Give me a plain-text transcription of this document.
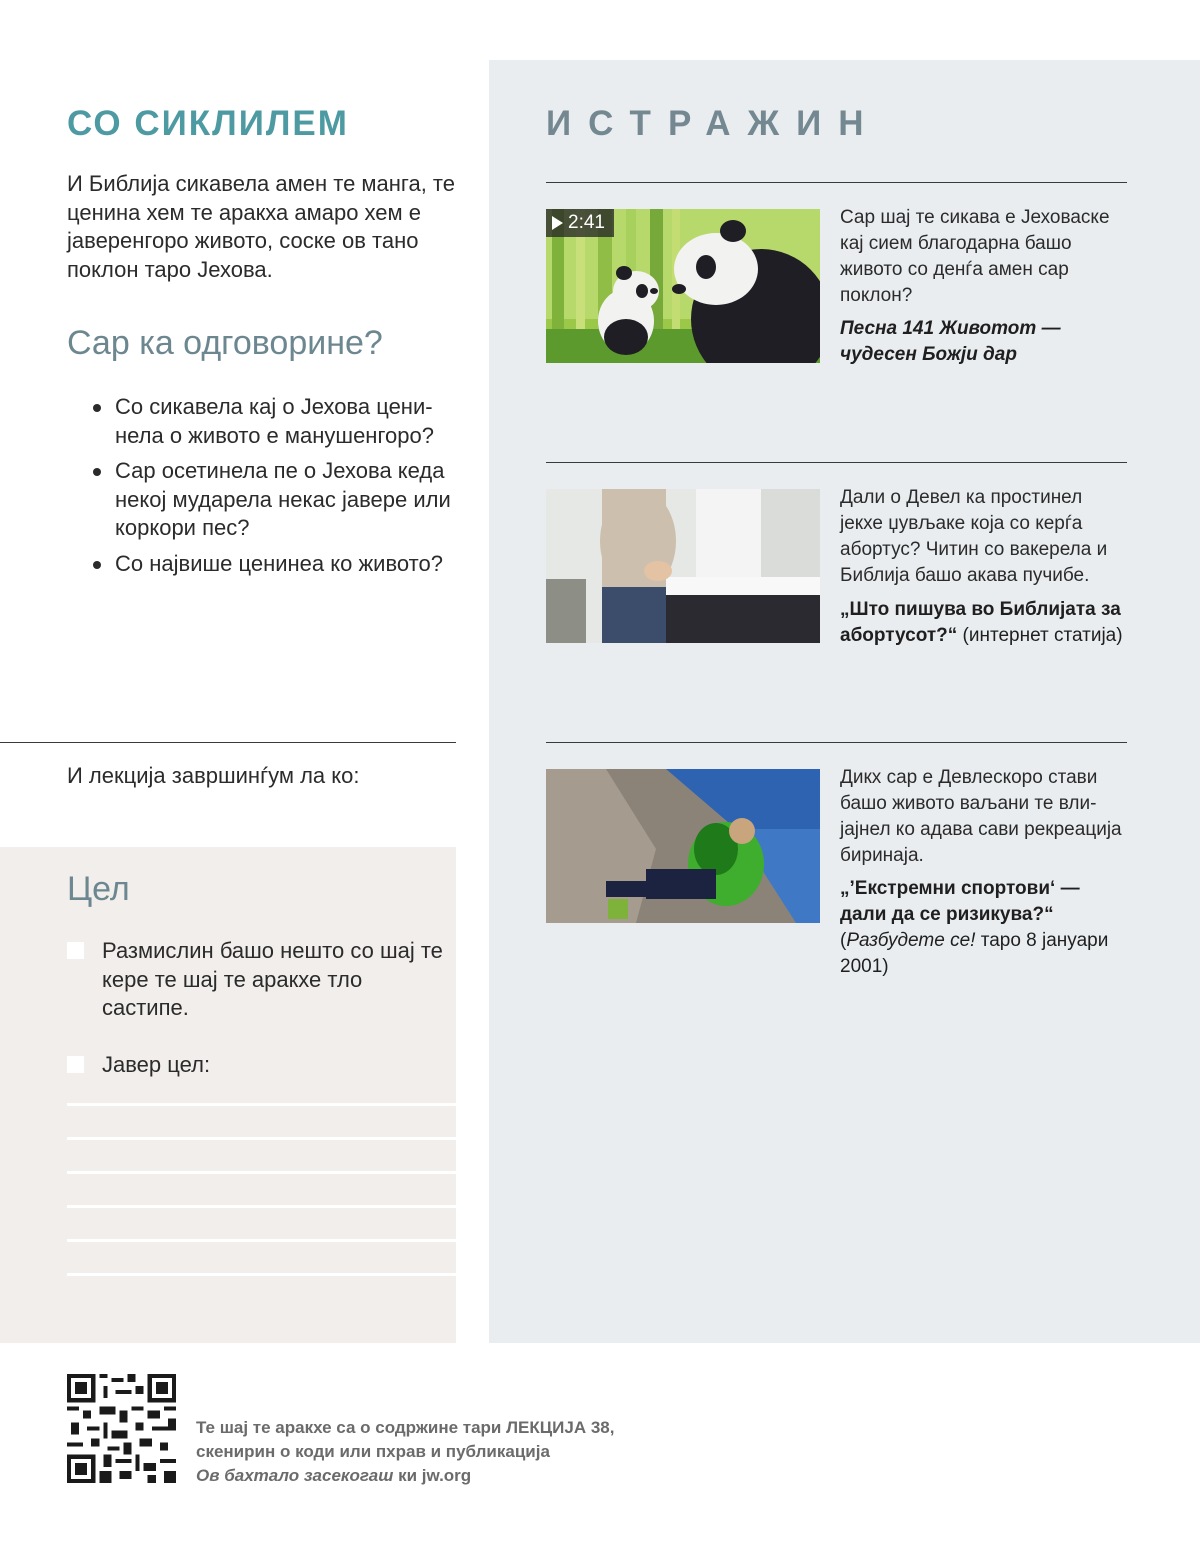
СО СИКЛИЛЕМ
И Библија сикавела амен те манга, те ценина хем те аракха амаро хем е јаверенгоро живото, соске ов тано поклон таро Јехова.
Сар ка одговорине?
Со сикавела кај о Јехова ценинела о живото е манушенгоро?
Сар осетинела пе о Јехова кеда некој мударела некас јавере или коркори пес?
Со највише ценинеа ко живото?
И лекција завршинѓум ла ко:
Цел
Размислин башо нешто со шај те кере те шај те аракхе тло састипе.
Јавер цел:
ИСТРАЖИН
2:41	Сар шај те сикава е Јеховаске кај сием благодарна башо живото со денѓа амен сар поклон?
Песна 141 Животот — чудесен Божји дар
Дали о Девел ка простинел јекхе џувљаке која со керѓа абортус? Читин со вакерела и Библија башо акава пучибе.
„Што пишува во Библијата за абортусот?“ (интернет статија)
Дикх сар е Девлескоро стави башо живото ваљани те влијајнел ко адава сави рекреација биринаја.
„’Екстремни спортови‘ — дали да се ризикува?“
(Разбудете се! таро 8 јануари 2001)
Те шај те аракхе са о содржине тари ЛЕКЦИЈА 38,
скенирин о коди или пхрав и публикација
Ов бахтало засекогаш ки jw.org
